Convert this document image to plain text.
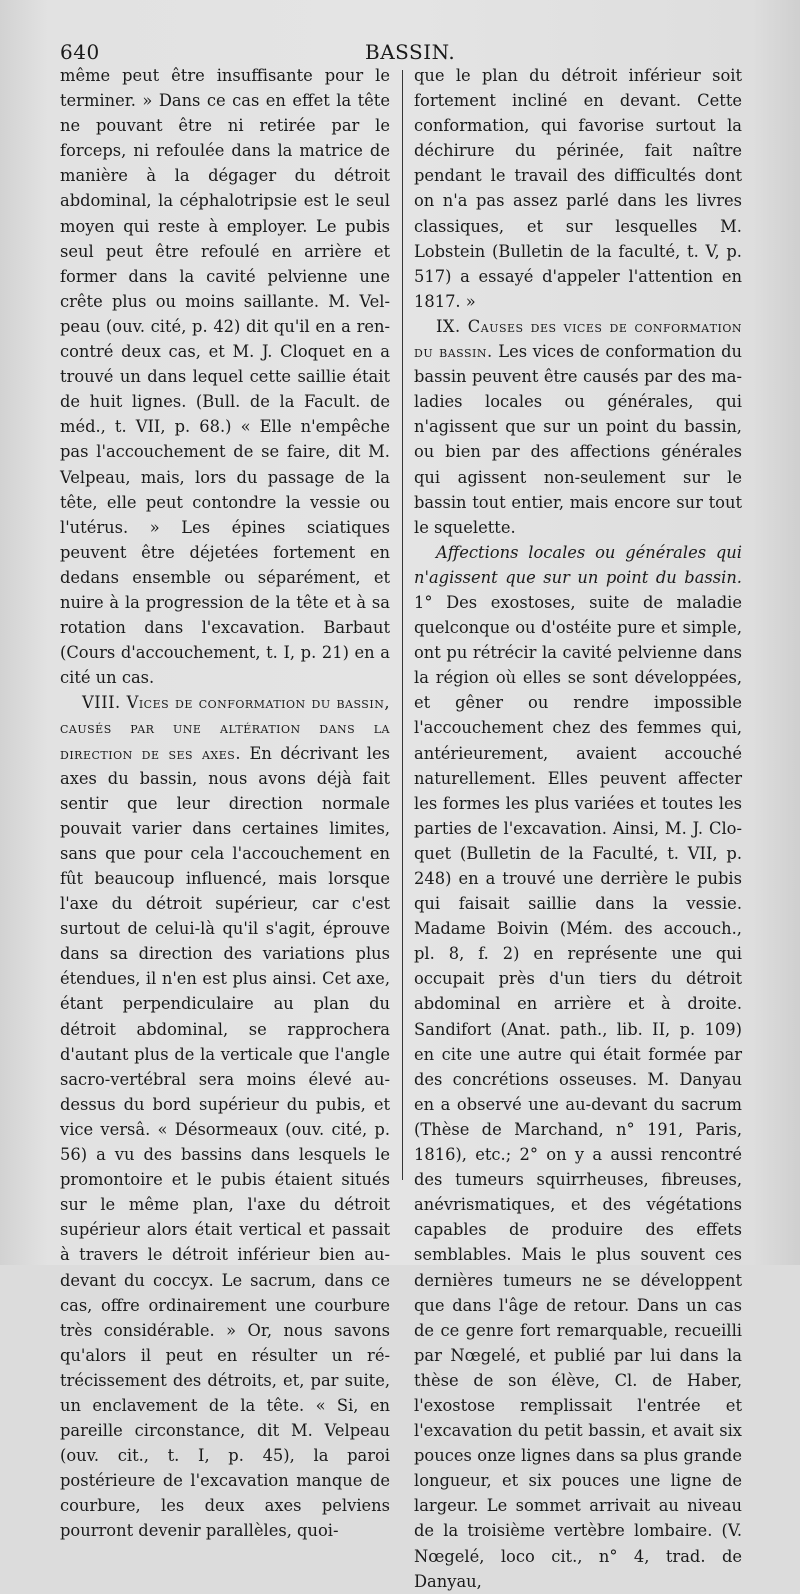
640	BASSIN.

même peut être insuffisante pour le terminer. » Dans ce cas en effet la tête ne pouvant être ni retirée par le forceps, ni refoulée dans la matrice de manière à la dégager du détroit abdominal, la céphalotripsie est le seul moyen qui reste à employer. Le pubis seul peut être refoulé en arrière et former dans la cavité pelvienne une crête plus ou moins saillante. M. Velpeau (ouv. cité, p. 42) dit qu'il en a rencontré deux cas, et M. J. Cloquet en a trouvé un dans lequel cette saillie était de huit lignes. (Bull. de la Facult. de méd., t. VII, p. 68.) « Elle n'empêche pas l'accouchement de se faire, dit M. Velpeau, mais, lors du passage de la tête, elle peut contondre la vessie ou l'utérus. » Les épines sciatiques peuvent être déjetées fortement en dedans ensemble ou séparément, et nuire à la progression de la tête et à sa rotation dans l'excavation. Barbaut (Cours d'accouchement, t. I, p. 21) en a cité un cas.

VIII. Vices de conformation du bassin, causés par une altération dans la direction de ses axes. En décrivant les axes du bassin, nous avons déjà fait sentir que leur direction normale pouvait varier dans certaines limites, sans que pour cela l'accouchement en fût beaucoup influencé, mais lorsque l'axe du détroit supérieur, car c'est surtout de celui-là qu'il s'agit, éprouve dans sa direction des variations plus étendues, il n'en est plus ainsi. Cet axe, étant perpendiculaire au plan du détroit abdominal, se rapprochera d'autant plus de la verticale que l'angle sacro-vertébral sera moins élevé au-dessus du bord supérieur du pubis, et vice versâ. « Désormeaux (ouv. cité, p. 56) a vu des bassins dans lesquels le promontoire et le pubis étaient situés sur le même plan, l'axe du détroit supérieur alors était vertical et passait à travers le détroit inférieur bien au-devant du coccyx. Le sacrum, dans ce cas, offre ordinairement une courbure très considérable. » Or, nous savons qu'alors il peut en résulter un rétrécissement des détroits, et, par suite, un enclavement de la tête. « Si, en pareille circonstance, dit M. Velpeau (ouv. cit., t. I, p. 45), la paroi postérieure de l'excavation manque de courbure, les deux axes pelviens pourront devenir parallèles, quoi-

que le plan du détroit inférieur soit fortement incliné en devant. Cette conformation, qui favorise surtout la déchirure du périnée, fait naître pendant le travail des difficultés dont on n'a pas assez parlé dans les livres classiques, et sur lesquelles M. Lobstein (Bulletin de la faculté, t. V, p. 517) a essayé d'appeler l'attention en 1817. »

IX. Causes des vices de conformation du bassin. Les vices de conformation du bassin peuvent être causés par des maladies locales ou générales, qui n'agissent que sur un point du bassin, ou bien par des affections générales qui agissent non-seulement sur le bassin tout entier, mais encore sur tout le squelette.

Affections locales ou générales qui n'agissent que sur un point du bassin. 1° Des exostoses, suite de maladie quelconque ou d'ostéite pure et simple, ont pu rétrécir la cavité pelvienne dans la région où elles se sont développées, et gêner ou rendre impossible l'accouchement chez des femmes qui, antérieurement, avaient accouché naturellement. Elles peuvent affecter les formes les plus variées et toutes les parties de l'excavation. Ainsi, M. J. Cloquet (Bulletin de la Faculté, t. VII, p. 248) en a trouvé une derrière le pubis qui faisait saillie dans la vessie. Madame Boivin (Mém. des accouch., pl. 8, f. 2) en représente une qui occupait près d'un tiers du détroit abdominal en arrière et à droite. Sandifort (Anat. path., lib. II, p. 109) en cite une autre qui était formée par des concrétions osseuses. M. Danyau en a observé une au-devant du sacrum (Thèse de Marchand, n° 191, Paris, 1816), etc.; 2° on y a aussi rencontré des tumeurs squirrheuses, fibreuses, anévrismatiques, et des végétations capables de produire des effets semblables. Mais le plus souvent ces dernières tumeurs ne se développent que dans l'âge de retour. Dans un cas de ce genre fort remarquable, recueilli par Nœgelé, et publié par lui dans la thèse de son élève, Cl. de Haber, l'exostose remplissait l'entrée et l'excavation du petit bassin, et avait six pouces onze lignes dans sa plus grande longueur, et six pouces une ligne de largeur. Le sommet arrivait au niveau de la troisième vertèbre lombaire. (V. Nœgelé, loco cit., n° 4, trad. de Danyau,
